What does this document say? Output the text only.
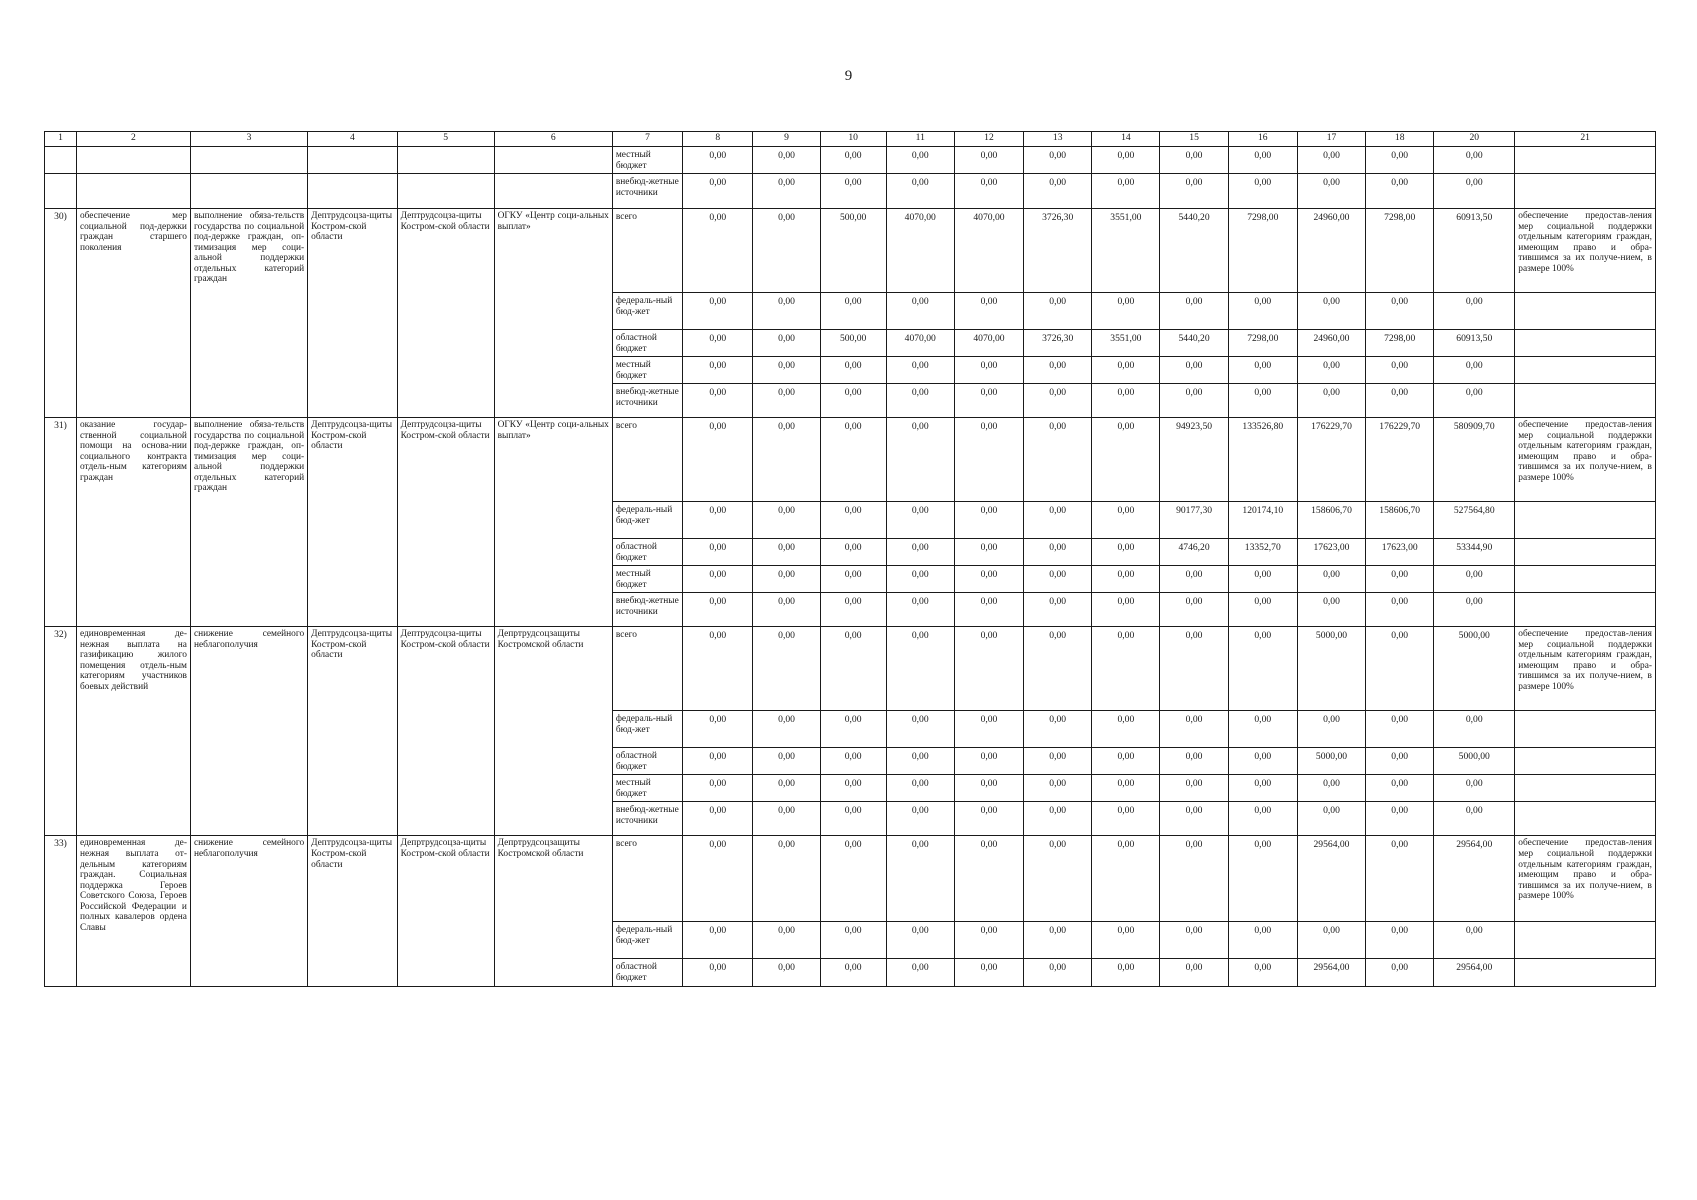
9
1	2	3	4	5	6	7	8	9	10	11	12	13	14	15	16	17	18	20	21
						местный бюджет	0,00	0,00	0,00	0,00	0,00	0,00	0,00	0,00	0,00	0,00	0,00	0,00	
						внебюд-жетные источники	0,00	0,00	0,00	0,00	0,00	0,00	0,00	0,00	0,00	0,00	0,00	0,00	
30)	обеспечение мер социальной под-держки граждан старшего поколения	выполнение обяза-тельств государства по социальной под-держке граждан, оп-тимизация мер соци-альной поддержки отдельных категорий граждан	Дептрудсоцза-щиты Костром-ской области	Дептрудсоцза-щиты Костром-ской области	ОГКУ «Центр соци-альных выплат»	всего	0,00	0,00	500,00	4070,00	4070,00	3726,30	3551,00	5440,20	7298,00	24960,00	7298,00	60913,50	обеспечение предостав-ления мер социальной поддержки отдельным категориям граждан, имеющим право и обра-тившимся за их получе-нием, в размере 100%
						федераль-ный бюд-жет	0,00	0,00	0,00	0,00	0,00	0,00	0,00	0,00	0,00	0,00	0,00	0,00	
						областной бюджет	0,00	0,00	500,00	4070,00	4070,00	3726,30	3551,00	5440,20	7298,00	24960,00	7298,00	60913,50	
						местный бюджет	0,00	0,00	0,00	0,00	0,00	0,00	0,00	0,00	0,00	0,00	0,00	0,00	
						внебюд-жетные источники	0,00	0,00	0,00	0,00	0,00	0,00	0,00	0,00	0,00	0,00	0,00	0,00	
31)	оказание государ-ственной социальной помощи на основа-нии социального контракта отдель-ным категориям граждан	выполнение обяза-тельств государства по социальной под-держке граждан, оп-тимизация мер соци-альной поддержки отдельных категорий граждан	Дептрудсоцза-щиты Костром-ской области	Дептрудсоцза-щиты Костром-ской области	ОГКУ «Центр соци-альных выплат»	всего	0,00	0,00	0,00	0,00	0,00	0,00	0,00	94923,50	133526,80	176229,70	176229,70	580909,70	обеспечение предостав-ления мер социальной поддержки отдельным категориям граждан, имеющим право и обра-тившимся за их получе-нием, в размере 100%
						федераль-ный бюд-жет	0,00	0,00	0,00	0,00	0,00	0,00	0,00	90177,30	120174,10	158606,70	158606,70	527564,80	
						областной бюджет	0,00	0,00	0,00	0,00	0,00	0,00	0,00	4746,20	13352,70	17623,00	17623,00	53344,90	
						местный бюджет	0,00	0,00	0,00	0,00	0,00	0,00	0,00	0,00	0,00	0,00	0,00	0,00	
						внебюд-жетные источники	0,00	0,00	0,00	0,00	0,00	0,00	0,00	0,00	0,00	0,00	0,00	0,00	
32)	единовременная де-нежная выплата на газификацию жилого помещения отдель-ным категориям участников боевых действий	снижение семейного неблагополучия	Дептрудсоцза-щиты Костром-ской области	Дептрудсоцза-щиты Костром-ской области	Депртрудсоцзащиты Костромской области	всего	0,00	0,00	0,00	0,00	0,00	0,00	0,00	0,00	0,00	5000,00	0,00	5000,00	обеспечение предостав-ления мер социальной поддержки отдельным категориям граждан, имеющим право и обра-тившимся за их получе-нием, в размере 100%
						федераль-ный бюд-жет	0,00	0,00	0,00	0,00	0,00	0,00	0,00	0,00	0,00	0,00	0,00	0,00	
						областной бюджет	0,00	0,00	0,00	0,00	0,00	0,00	0,00	0,00	0,00	5000,00	0,00	5000,00	
						местный бюджет	0,00	0,00	0,00	0,00	0,00	0,00	0,00	0,00	0,00	0,00	0,00	0,00	
						внебюд-жетные источники	0,00	0,00	0,00	0,00	0,00	0,00	0,00	0,00	0,00	0,00	0,00	0,00	
33)	единовременная де-нежная выплата от-дельным категориям граждан. Социальная поддержка Героев Советского Союза, Героев Российской Федерации и полных кавалеров ордена Славы	снижение семейного неблагополучия	Дептрудсоцза-щиты Костром-ской области	Депртрудсоцза-щиты Костром-ской области	Депртрудсоцзащиты Костромской области	всего	0,00	0,00	0,00	0,00	0,00	0,00	0,00	0,00	0,00	29564,00	0,00	29564,00	обеспечение предостав-ления мер социальной поддержки отдельным категориям граждан, имеющим право и обра-тившимся за их получе-нием, в размере 100%
						федераль-ный бюд-жет	0,00	0,00	0,00	0,00	0,00	0,00	0,00	0,00	0,00	0,00	0,00	0,00	
						областной бюджет	0,00	0,00	0,00	0,00	0,00	0,00	0,00	0,00	0,00	29564,00	0,00	29564,00	
